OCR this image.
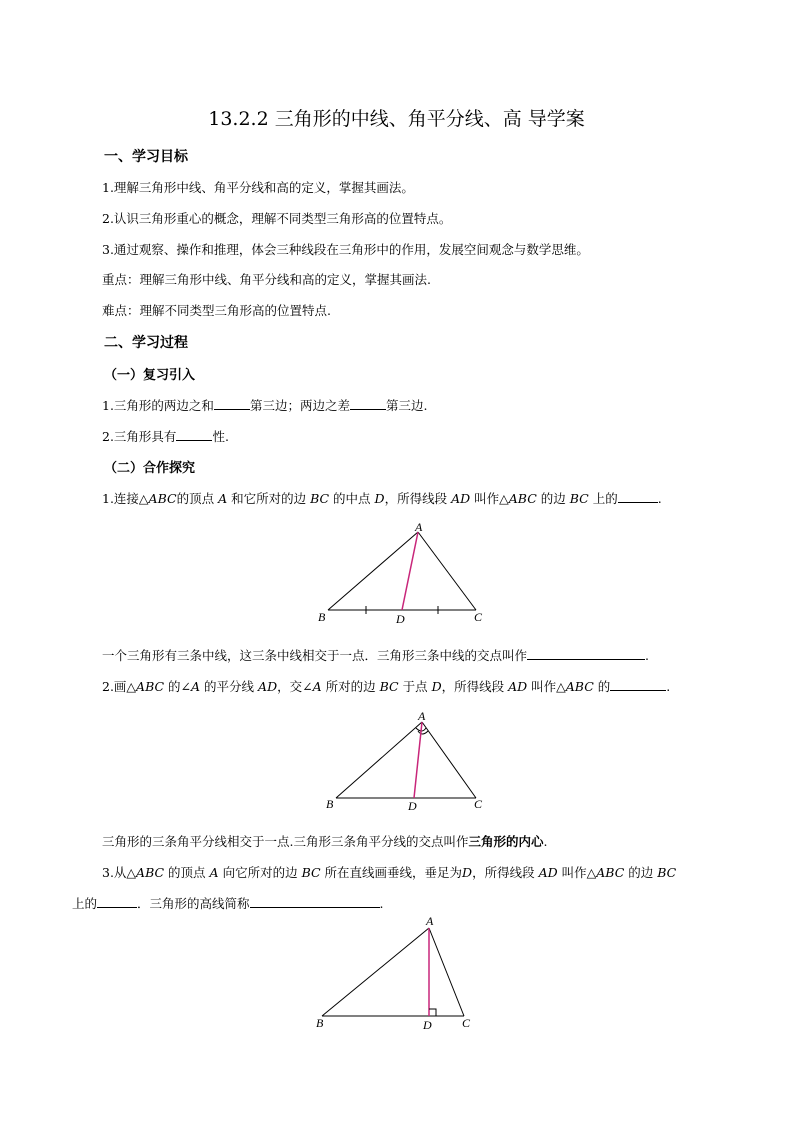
13.2.2 三角形的中线、角平分线、高 导学案
一、学习目标
1.理解三角形中线、角平分线和高的定义，掌握其画法。
2.认识三角形重心的概念，理解不同类型三角形高的位置特点。
3.通过观察、操作和推理，体会三种线段在三角形中的作用，发展空间观念与数学思维。
重点：理解三角形中线、角平分线和高的定义，掌握其画法.
难点：理解不同类型三角形高的位置特点.
二、学习过程
（一）复习引入
1.三角形的两边之和	第三边；两边之差	第三边.
2.三角形具有	性.
（二）合作探究
1.连接△ABC的顶点 A 和它所对的边 BC 的中点 D，所得线段 AD 叫作△ABC 的边 BC 上的	.
A
B	C
D
一个三角形有三条中线，这三条中线相交于一点．三角形三条中线的交点叫作	.
2.画△ABC 的∠A 的平分线 AD，交∠A 所对的边 BC 于点 D，所得线段 AD 叫作△ABC 的	.
A
B	C
D
三角形的三条角平分线相交于一点.三角形三条角平分线的交点叫作三角形的内心.
3.从△ABC 的顶点 A 向它所对的边 BC 所在直线画垂线，垂足为D，所得线段 AD 叫作△ABC 的边 BC
上的	．三角形的高线简称	.
A
B	C
D
